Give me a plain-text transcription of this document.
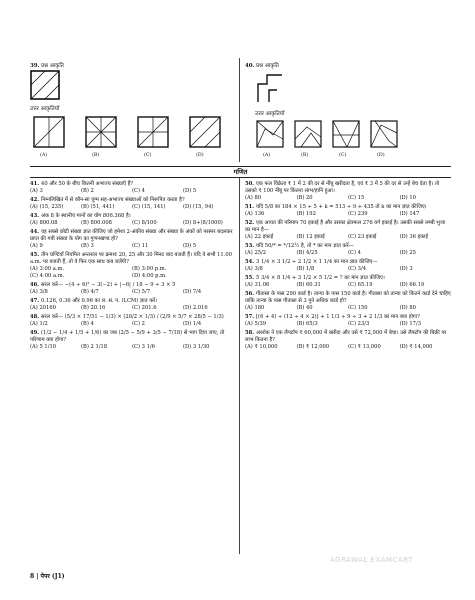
39. प्रश्न आकृति
उत्तर आकृतियाँ
(A)	(B)	(C)	(D)
40. प्रश्न आकृति
उत्तर आकृतियाँ
(A)	(B)	(C)	(D)
गणित
41. 40 और 50 के बीच कितनी अभाज्य संख्याएँ हैं?
(A) 3	(B) 2	(C) 4	(D) 5
42. निम्नलिखित में से कौन-सा युग्म सह-अभाज्य संख्याओं को निरूपित करता है?
(A) (15, 235)	(B) (51, 441)	(C) (15, 141)	(D) (15, 94)
43. अंक 8 के स्थानीय मानों का योग 806.368 है।
(A) 800.08	(B) 800.008	(C) 8/100	(D) 8+(8/1000)
44. वह सबसे छोटी संख्या ज्ञात कीजिए जो हमेशा 2-अंकीय संख्या और संख्या के अंकों को परस्पर बदलकर प्राप्त की गयी संख्या के योग का गुणनखण्ड हो?
(A) 9	(B) 3	(C) 11	(D) 5
45. तीन घण्टियाँ नियमित अन्तराल पर क्रमशः 20, 25 और 30 मिनट बाद बजती हैं। यदि वे सभी 11.00 a.m. पर बजती हैं, तो वे फिर एक साथ कब बजेंगी?
(A) 3:00 a.m.	(B) 3:00 p.m.
(C) 4:00 a.m.	(D) 4:00 p.m.
46. सरल करें— −(4 ÷ 6)² − 3(−2) + |−6| / 18 − 9 ÷ 3 × 5
(A) 3/8	(B) 4/7	(C) 5/7	(D) 7/4
47. 0.126, 0.36 और 0.96 का ल. स. प. (LCM) ज्ञात करें।
(A) 20160	(B) 20.16	(C) 201.6	(D) 2.016
48. सरल करें— (5/3 × 17/51 − 1/3) × (28/2 × 1/3) / (2/9 × 5/7 × 28/5 − 1/3)
(A) 1/2	(B) 4	(C) 2	(D) 1/4
49. (1/2 − 1/4 + 1/5 + 1/6) का जब (2/5 − 5/9 + 3/5 − 7/18) से भाग दिया जाए, तो परिणाम क्या होगा?
(A) 5 1/10	(B) 2 1/18	(C) 3 1/6	(D) 3 1/30
50. एक फल विक्रेता ₹ 1 में 2 की दर से नींबू खरीदता है, एवं ₹ 3 में 5 की दर से उन्हें बेच देता है। तो उसको ₹ 100 नींबू पर कितना लाभ/हानि हुआ।
(A) 80	(B) 20	(C) 15	(D) 10
51. यदि 5/8 का 184 × 15 ÷ 5 + k = 513 ÷ 9 + 435 तो k का मान ज्ञात कीजिए।
(A) 136	(B) 192	(C) 239	(D) 147
52. एक आयत की परिमाप 70 इकाई है और उसका क्षेत्रफल 276 वर्ग इकाई है। उसकी सबसे लम्बी भुजा का मान है—
(A) 22 इकाई	(B) 12 इकाई	(C) 23 इकाई	(D) 36 इकाई
53. यदि 50/* = */12½ है, तो * का मान ज्ञात करें—
(A) 25/2	(B) 4/25	(C) 4	(D) 25
54. 3 1/4 × 3 1/2 ÷ 2 1/2 × 1 1/4 का मान ज्ञात कीजिए—
(A) 3/8	(B) 1/8	(C) 3/4	(D) 3
55. 5 3/4 × 8 1/4 + 3 1/2 × 5 1/2 = ? का मान ज्ञात कीजिए।
(A) 31.06	(B) 60.31	(C) 65.19	(D) 66.19
56. गीतासा के पास 290 कार्ड है। तान्या के पास 150 कार्ड है। गीतासा को तान्या को कितने कार्ड देने चाहिए ताकि तान्या के पास गीतासा से 3 गुने अधिक कार्ड हो?
(A) 180	(B) 40	(C) 150	(D) 80
57. [(6 + 4) ÷ (12 ÷ 4 × 2)] + 1 1/3 ÷ 9 ÷ 3 + 2 1/3 का मान क्या होगा?
(A) 5/39	(B) 65/3	(C) 23/3	(D) 17/3
58. अरशेक ने एक लैपटॉप ₹ 60,000 में खरीदा और उसे ₹ 72,000 में बेचा। उसे लैपटॉप की बिक्री पर लाभ कितना है?
(A) ₹ 10,000	(B) ₹ 12,000	(C) ₹ 13,000	(D) ₹ 14,000
AGRAWAL EXAMCART
8 | पेपर (J1)
